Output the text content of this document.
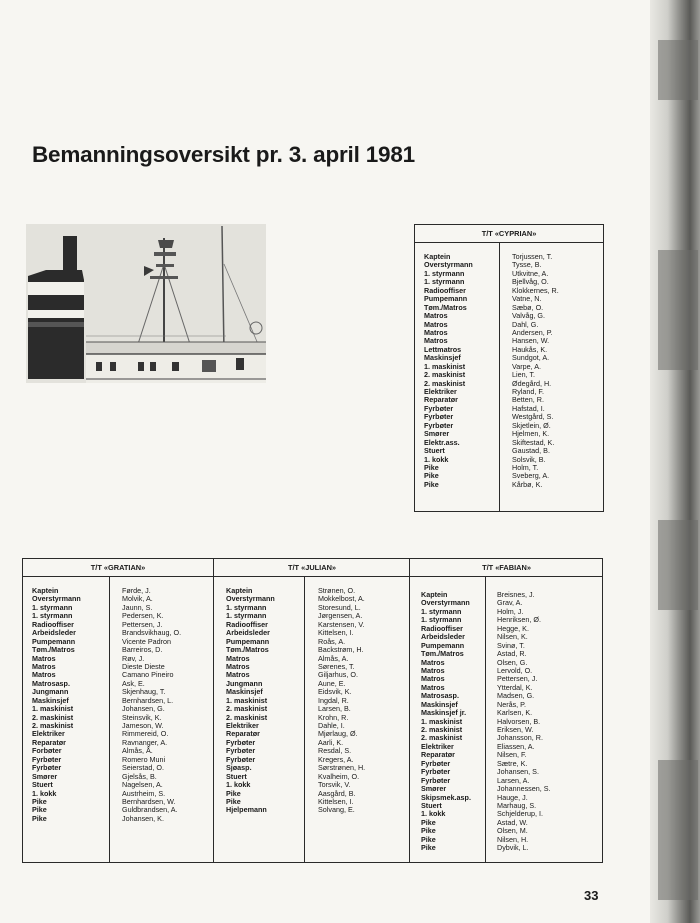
Bemanningsoversikt pr. 3. april 1981
T/T «CYPRIAN»
Kaptein
Overstyrmann
1. styrmann
1. styrmann
Radiooffiser
Pumpemann
Tøm./Matros
Matros
Matros
Matros
Matros
Lettmatros
Maskinsjef
1. maskinist
2. maskinist
2. maskinist
Elektriker
Reparatør
Fyrbøter
Fyrbøter
Fyrbøter
Smører
Elektr.ass.
Stuert
1. kokk
Pike
Pike
Pike
Torjussen, T.
Tysse, B.
Utkvitne, A.
Bjellvåg, O.
Klokkernes, R.
Vatne, N.
Sæbø, O.
Valvåg, G.
Dahl, G.
Andersen, P.
Hansen, W.
Haukås, K.
Sundgot, A.
Varpe, A.
Lien, T.
Ødegård, H.
Ryland, F.
Betten, R.
Hafstad, I.
Westgård, S.
Skjetlein, Ø.
Hjelmen, K.
Skiftestad, K.
Gaustad, B.
Solsvik, B.
Holm, T.
Sveberg, A.
Kårbø, K.
T/T «GRATIAN»	T/T «JULIAN»	T/T «FABIAN»
Kaptein
Overstyrmann
1. styrmann
1. styrmann
Radiooffiser
Arbeidsleder
Pumpemann
Tøm./Matros
Matros
Matros
Matros
Matrosasp.
Jungmann
Maskinsjef
1. maskinist
2. maskinist
2. maskinist
Elektriker
Reparatør
Forbøter
Fyrbøter
Fyrbøter
Smører
Stuert
1. kokk
Pike
Pike
Pike
Førde, J.
Molvik, A.
Jaunn, S.
Pedersen, K.
Pettersen, J.
Brandsvikhaug, O.
Vicente Padron
Barreiros, D.
Røv, J.
Dieste Dieste
Camano Pineiro
Ask, E.
Skjenhaug, T.
Bernhardsen, L.
Johansen, G.
Steinsvik, K.
Jameson, W.
Rimmereid, O.
Ravnanger, A.
Almås, Å.
Romero Muni
Seierstad, O.
Gjelsås, B.
Nagelsen, A.
Austrheim, S.
Bernhardsen, W.
Guldbrandsen, A.
Johansen, K.
Kaptein
Overstyrmann
1. styrmann
1. styrmann
Radiooffiser
Arbeidsleder
Pumpemann
Tøm./Matros
Matros
Matros
Matros
Jungmann
Maskinsjef
1. maskinist
2. maskinist
2. maskinist
Elektriker
Reparatør
Fyrbøter
Fyrbøter
Fyrbøter
Sjøasp.
Stuert
1. kokk
Pike
Pike
Hjelpemann
Strønen, O.
Mokkelbost, A.
Storesund, L.
Jørgensen, A.
Karstensen, V.
Kittelsen, I.
Roås, A.
Backstrøm, H.
Almås, A.
Sørenes, T.
Giljarhus, O.
Aune, E.
Eidsvik, K.
Ingdal, R.
Larsen, B.
Krohn, R.
Dahle, I.
Mjørlaug, Ø.
Aarli, K.
Resdal, S.
Kregers, A.
Sørstrønen, H.
Kvalheim, O.
Torsvik, V.
Aasgård, B.
Kittelsen, I.
Solvang, E.
Kaptein
Overstyrmann
1. styrmann
1. styrmann
Radiooffiser
Arbeidsleder
Pumpemann
Tøm./Matros
Matros
Matros
Matros
Matros
Matrosasp.
Maskinsjef
Maskinsjef jr.
1. maskinist
2. maskinist
2. maskinist
Elektriker
Reparatør
Fyrbøter
Fyrbøter
Fyrbøter
Smører
Skipsmek.asp.
Stuert
1. kokk
Pike
Pike
Pike
Pike
Breisnes, J.
Grav, A.
Holm, J.
Henriksen, Ø.
Hegge, K.
Nilsen, K.
Svinø, T.
Astad, R.
Olsen, G.
Lervold, O.
Pettersen, J.
Ytterdal, K.
Madsen, G.
Nerås, P.
Karlsen, K.
Halvorsen, B.
Eriksen, W.
Johansson, R.
Eliassen, A.
Nilsen, F.
Sætre, K.
Johansen, S.
Larsen, A.
Johannessen, S.
Hauge, J.
Marhaug, S.
Schjelderup, I.
Astad, W.
Olsen, M.
Nilsen, H.
Dybvik, L.
33
